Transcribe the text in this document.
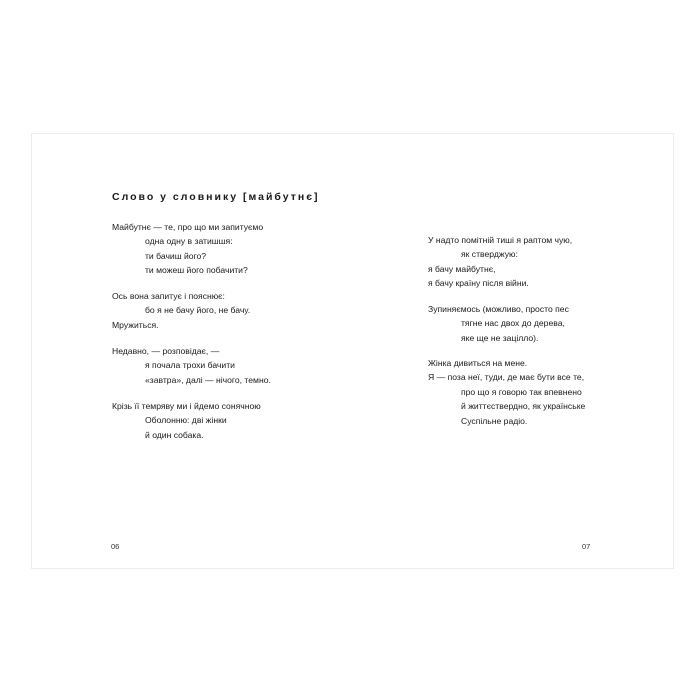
Слово у словнику [майбутнє]

Майбутнє — те, про що ми запитуємо

одна одну в затишшя:

ти бачиш його?

ти можеш його побачити?

Ось вона запитує і пояснює:

бо я не бачу його, не бачу.

Мружиться.

Недавно, — розповідає, —

я почала трохи бачити

«завтра», далі — нічого, темно.

Крізь її темряву ми і йдемо сонячною

Оболонню: дві жінки

й один собака.

06

У надто помітній тиші я раптом чую,

як стверджую:

я бачу майбутнє,

я бачу країну після війни.

Зупиняємось (можливо, просто пес

тягне нас двох до дерева,

яке ще не зацілло).

Жінка дивиться на мене.

Я — поза неї, туди, де має бути все те,

про що я говорю так впевнено

й життєствердно, як українське

Суспільне радіо.

07
